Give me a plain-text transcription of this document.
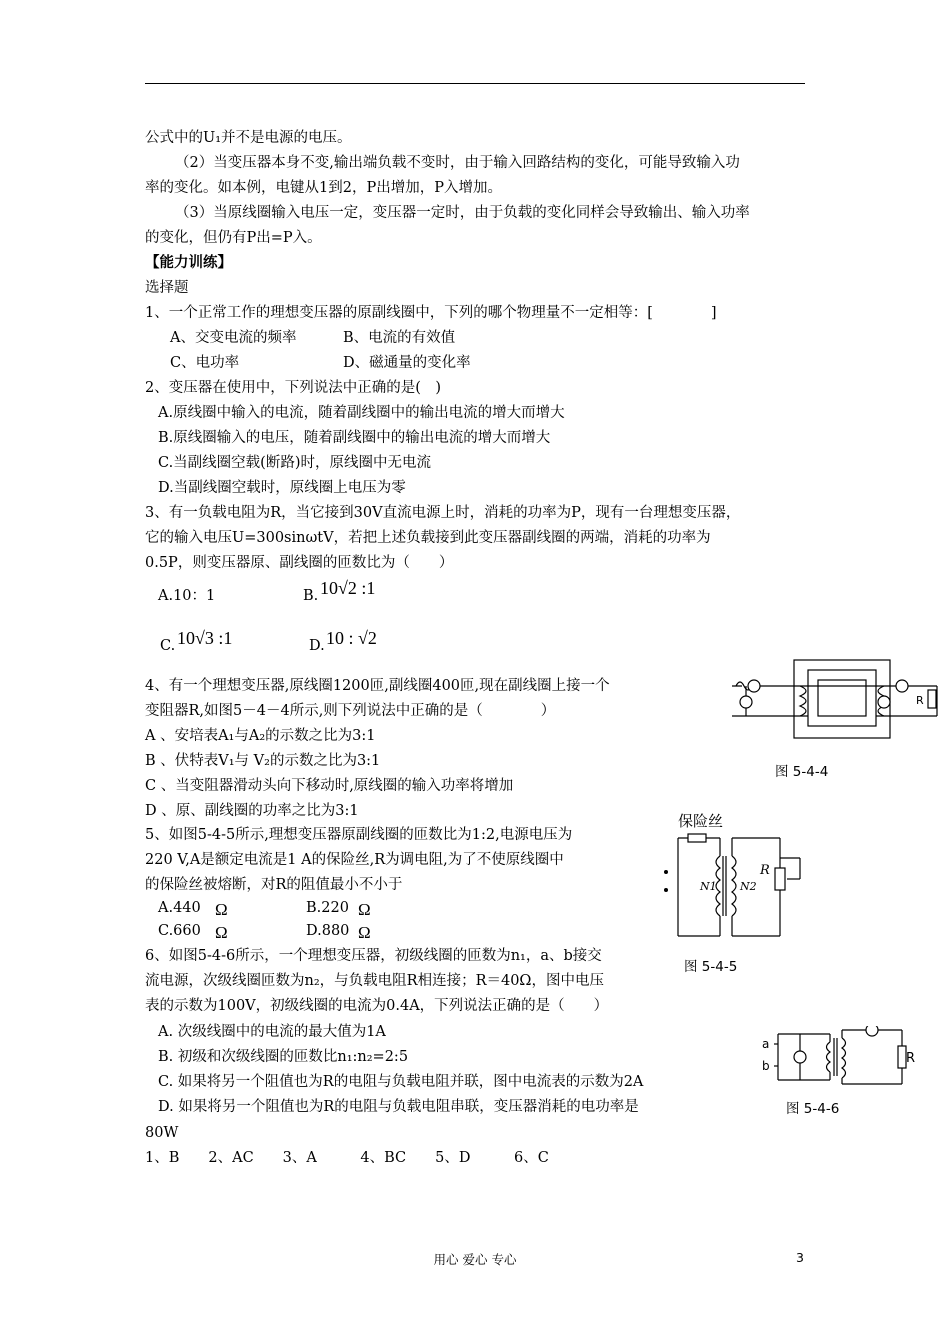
公式中的U₁并不是电源的电压。
（2）当变压器本身不变,输出端负载不变时，由于输入回路结构的变化，可能导致输入功
率的变化。如本例，电键从1到2，P出增加，P入增加。
（3）当原线圈输入电压一定，变压器一定时，由于负载的变化同样会导致输出、输入功率
的变化，但仍有P出=P入。
【能力训练】
选择题
1、一个正常工作的理想变压器的原副线圈中，下列的哪个物理量不一定相等：[　　　　]
A、交变电流的频率	B、电流的有效值
C、电功率	D、磁通量的变化率
2、变压器在使用中，下列说法中正确的是(　)
A.原线圈中输入的电流，随着副线圈中的输出电流的增大而增大
B.原线圈输入的电压，随着副线圈中的输出电流的增大而增大
C.当副线圈空载(断路)时，原线圈中无电流
D.当副线圈空载时，原线圈上电压为零
3、有一负载电阻为R，当它接到30V直流电源上时，消耗的功率为P，现有一台理想变压器，
它的输入电压U=300sinωtV，若把上述负载接到此变压器副线圈的两端，消耗的功率为
0.5P，则变压器原、副线圈的匝数比为（　　）
A.10：1	B. 10√2 :1
C. 10√3 :1	D. 10 : √2
4、有一个理想变压器,原线圈1200匝,副线圈400匝,现在副线圈上接一个
变阻器R,如图5－4－4所示,则下列说法中正确的是（　　　　）
A 、安培表A₁与A₂的示数之比为3:1
B 、伏特表V₁与 V₂的示数之比为3:1
C 、当变阻器滑动头向下移动时,原线圈的输入功率将增加
D 、原、副线圈的功率之比为3:1
R
图 5-4-4
5、如图5-4-5所示,理想变压器原副线圈的匝数比为1:2,电源电压为
220 V,A是额定电流是1 A的保险丝,R为调电阻,为了不使原线圈中
的保险丝被熔断，对R的阻值最小不小于
A.440 Ω	B.220 Ω
C.660 Ω	D.880 Ω
保险丝
N1 N2
R
图 5-4-5
6、如图5-4-6所示，一个理想变压器，初级线圈的匝数为n₁，a、b接交
流电源，次级线圈匝数为n₂，与负载电阻R相连接；R＝40Ω，图中电压
表的示数为100V，初级线圈的电流为0.4A，下列说法正确的是（　　）
A. 次级线圈中的电流的最大值为1A
B. 初级和次级线圈的匝数比n₁:n₂=2:5
C. 如果将另一个阻值也为R的电阻与负载电阻并联，图中电流表的示数为2A
D. 如果将另一个阻值也为R的电阻与负载电阻串联，变压器消耗的电功率是
80W
a
b	R
图 5-4-6
1、B　　2、AC　　3、A　　　4、BC　　5、D　　　6、C
用心 爱心 专心	3
